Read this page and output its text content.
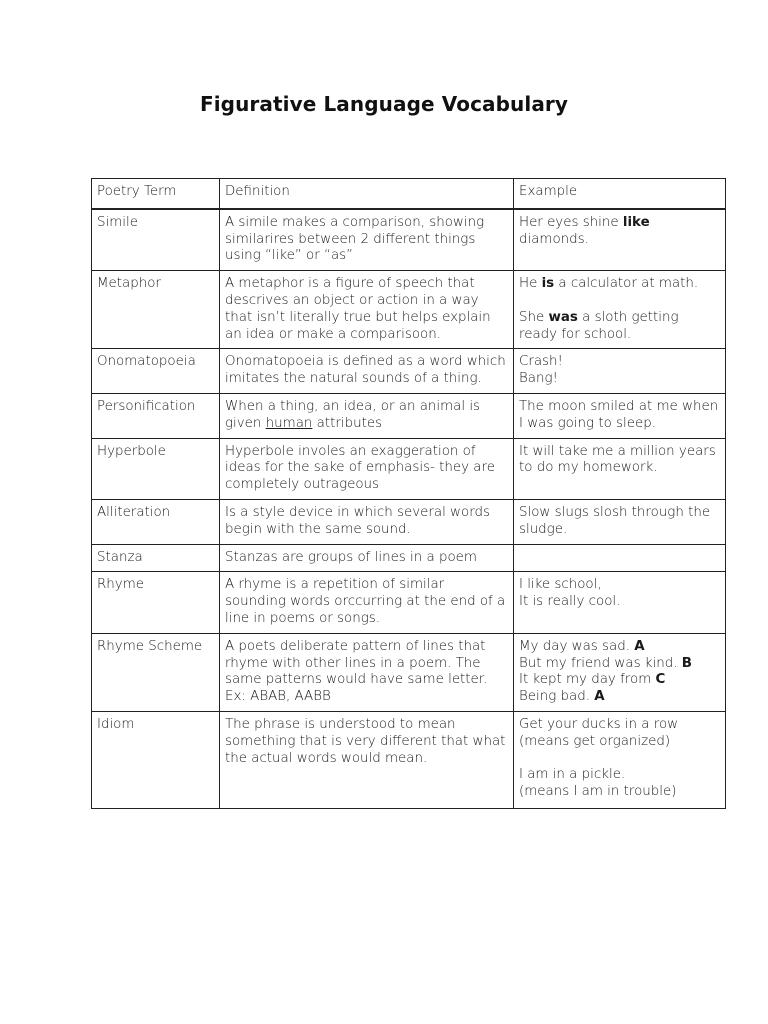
Figurative Language Vocabulary
Poetry Term	Definition	Example
Simile	A simile makes a comparison, showing similarires between 2 different things using “like” or “as”	Her eyes shine like diamonds.
Metaphor	A metaphor is a figure of speech that descrives an object or action in a way that isn’t literally true but helps explain an idea or make a comparisoon.	He is a calculator at math.
She was a sloth getting ready for school.
Onomatopoeia	Onomatopoeia is defined as a word which imitates the natural sounds of a thing.	Crash!
Bang!
Personification	When a thing, an idea, or an animal is given human attributes	The moon smiled at me when I was going to sleep.
Hyperbole	Hyperbole involes an exaggeration of ideas for the sake of emphasis- they are completely outrageous	It will take me a million years to do my homework.
Alliteration	Is a style device in which several words begin with the same sound.	Slow slugs slosh through the sludge.
Stanza	Stanzas are groups of lines in a poem	
Rhyme	A rhyme is a repetition of similar sounding words orccurring at the end of a line in poems or songs.	I like school,
It is really cool.
Rhyme Scheme	A poets deliberate pattern of lines that rhyme with other lines in a poem. The same patterns would have same letter. Ex: ABAB, AABB	My day was sad. A
But my friend was kind. B
It kept my day from C
Being bad. A
Idiom	The phrase is understood to mean something that is very different that what the actual words would mean.	Get your ducks in a row
(means get organized)
I am in a pickle.
(means I am in trouble)
